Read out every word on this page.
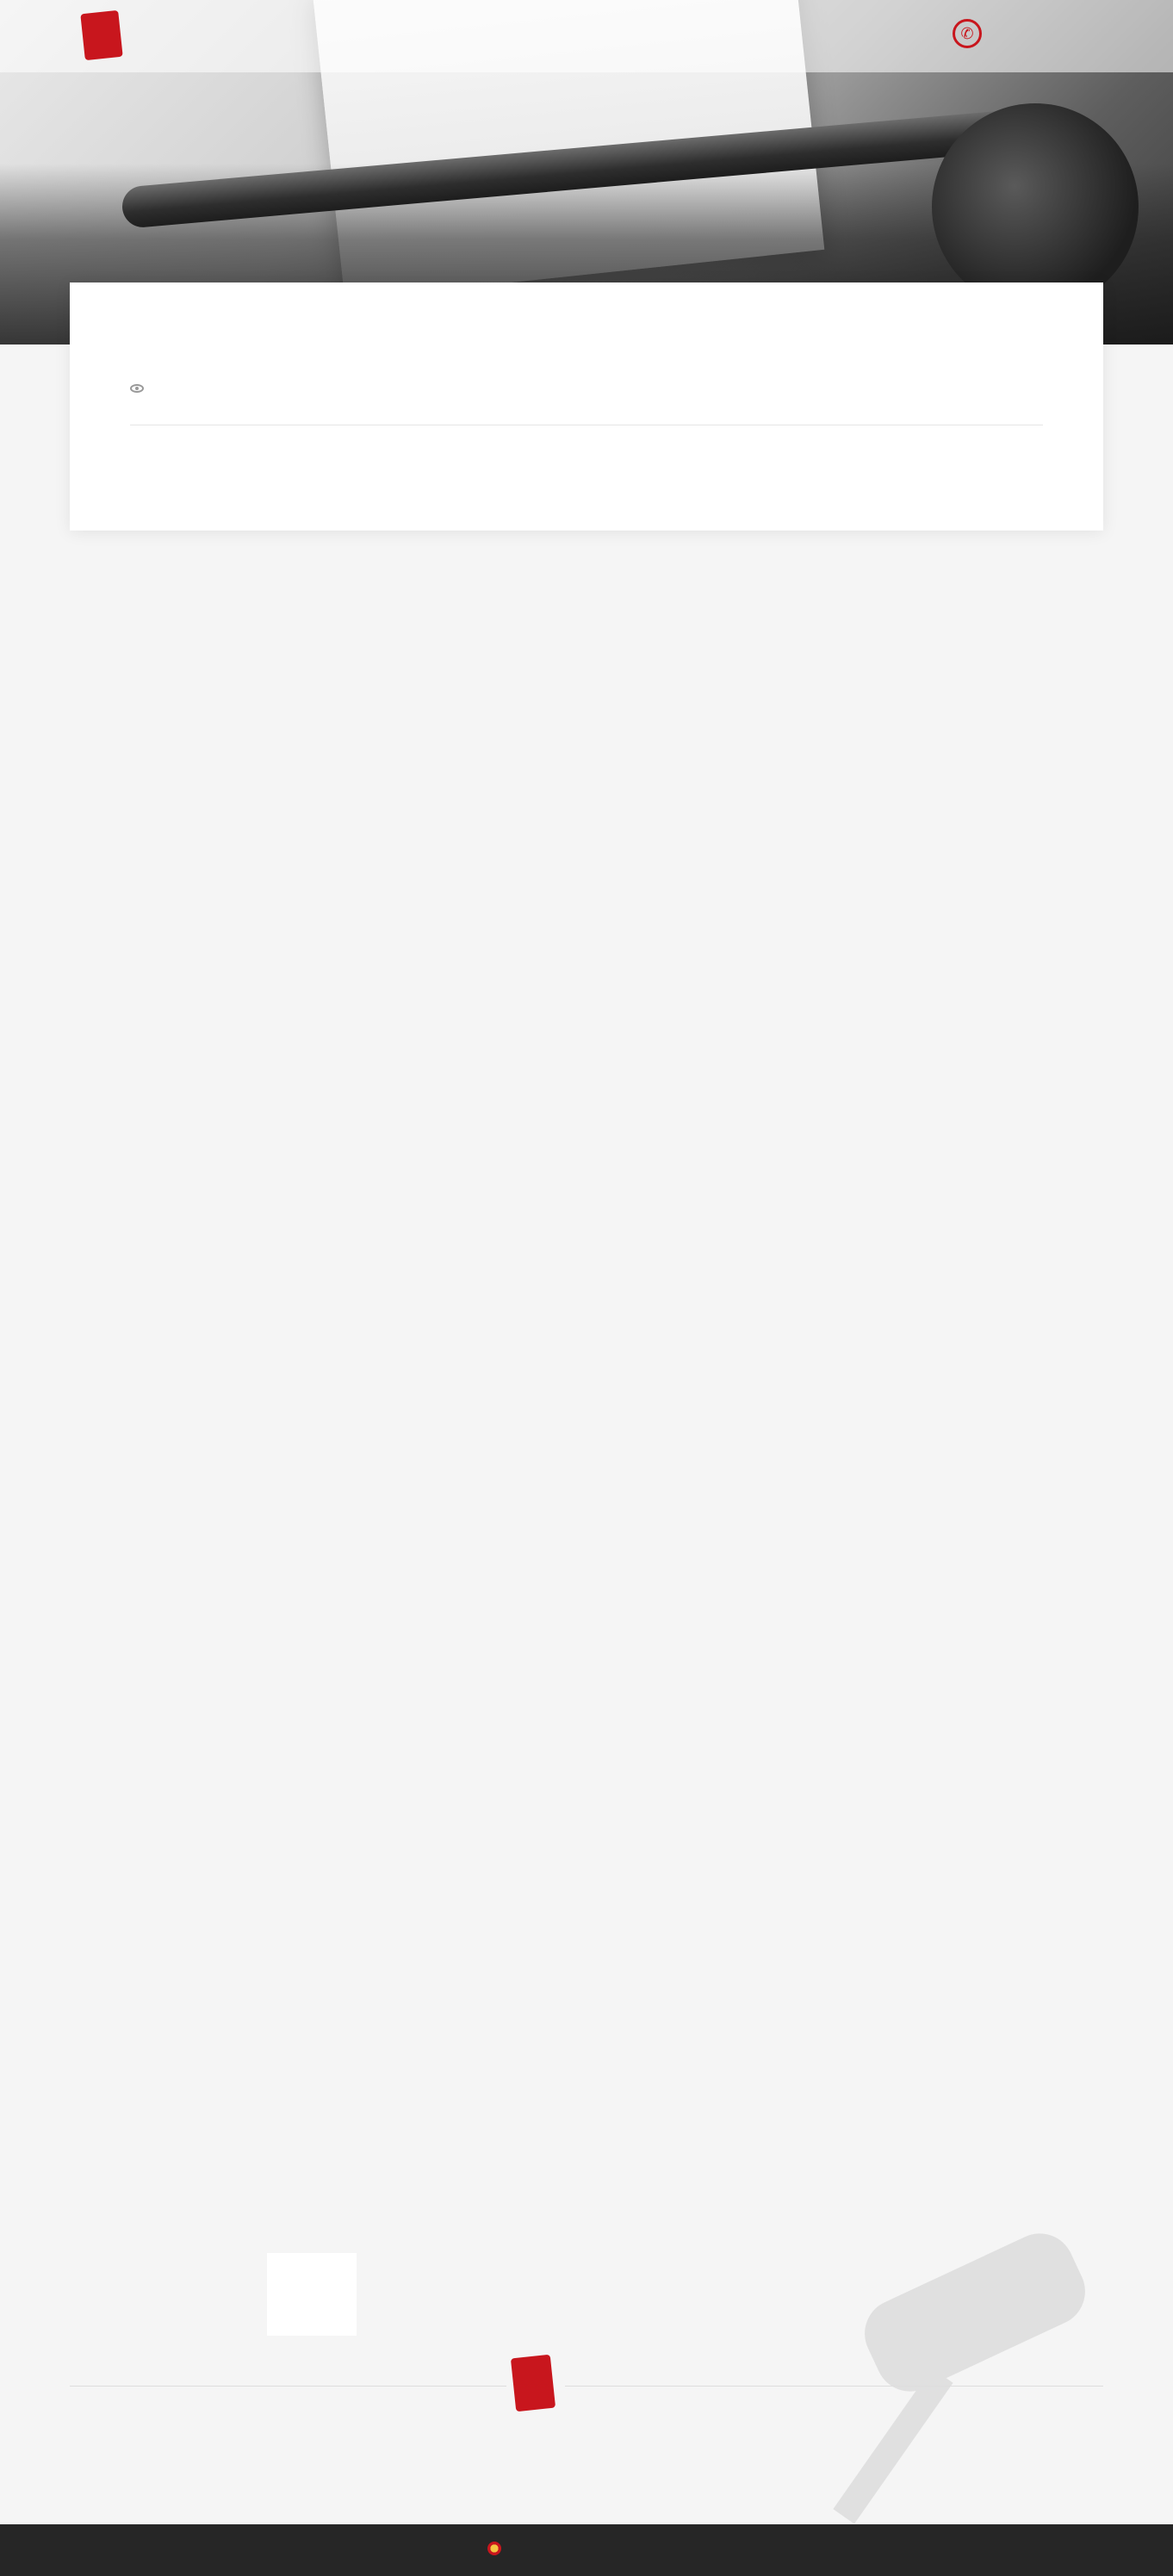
✆
